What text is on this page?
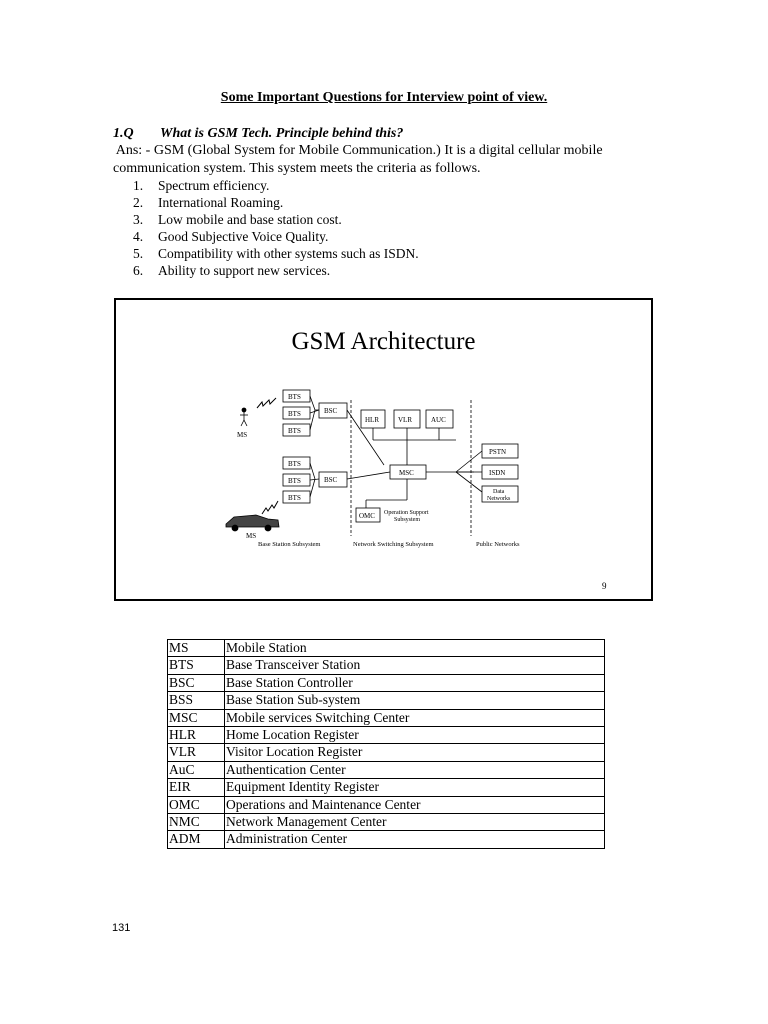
Some Important Questions for Interview point of view.
1.Q What is GSM Tech. Principle behind this?
Ans: - GSM (Global System for Mobile Communication.) It is a digital cellular mobile
communication system. This system meets the criteria as follows.
1.	Spectrum efficiency.
2.	International Roaming.
3.	Low mobile and base station cost.
4.	Good Subjective Voice Quality.
5.	Compatibility with other systems such as ISDN.
6.	Ability to support new services.
GSM Architecture
MS
BTS
BTS
BTS
BSC
BTS
BTS
BTS
BSC
HLR	VLR	AUC
MSC
OMC Operation Support
Subsystem
PSTN
ISDN
Data
Networks
MS
Base Station Subsystem	Network Switching Subsystem	Public Networks
9
MS	Mobile Station
BTS	Base Transceiver Station
BSC	Base Station Controller
BSS	Base Station Sub-system
MSC	Mobile services Switching Center
HLR	Home Location Register
VLR	Visitor Location Register
AuC	Authentication Center
EIR	Equipment Identity Register
OMC	Operations and Maintenance Center
NMC	Network Management Center
ADM	Administration Center
131
